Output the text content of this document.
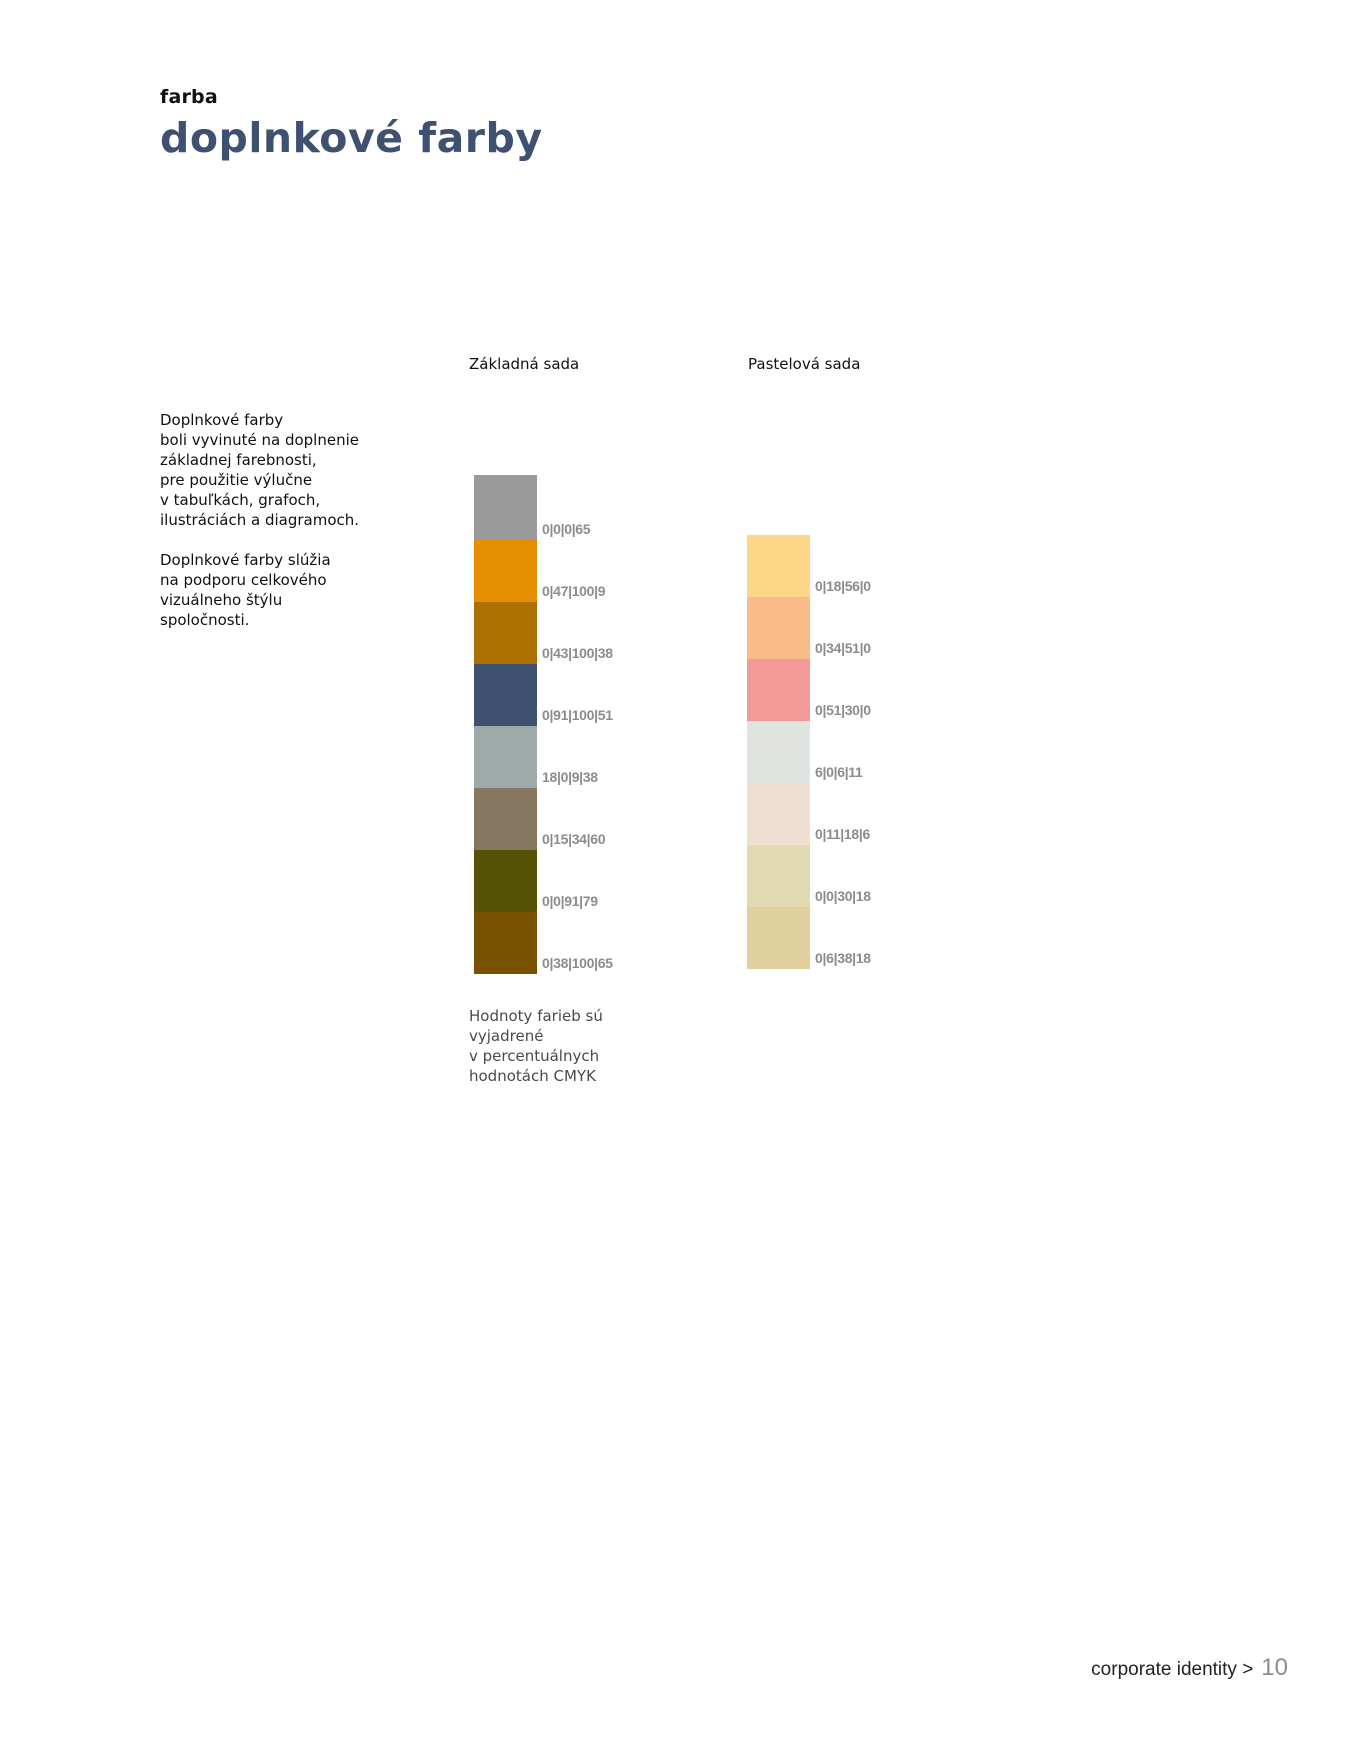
farba
doplnkové farby

Doplnkové farby
boli vyvinuté na doplnenie
základnej farebnosti,
pre použitie výlučne
v tabuľkách, grafoch,
ilustráciách a diagramoch.

Doplnkové farby slúžia
na podporu celkového
vizuálneho štýlu
spoločnosti.

Základná sada	Pastelová sada
0|0|0|65
0|47|100|9
0|43|100|38
0|91|100|51
18|0|9|38
0|15|34|60
0|0|91|79
0|38|100|65
0|18|56|0
0|34|51|0
0|51|30|0
6|0|6|11
0|11|18|6
0|0|30|18
0|6|38|18
Hodnoty farieb sú
vyjadrené
v percentuálnych
hodnotách CMYK
corporate identity > 10
